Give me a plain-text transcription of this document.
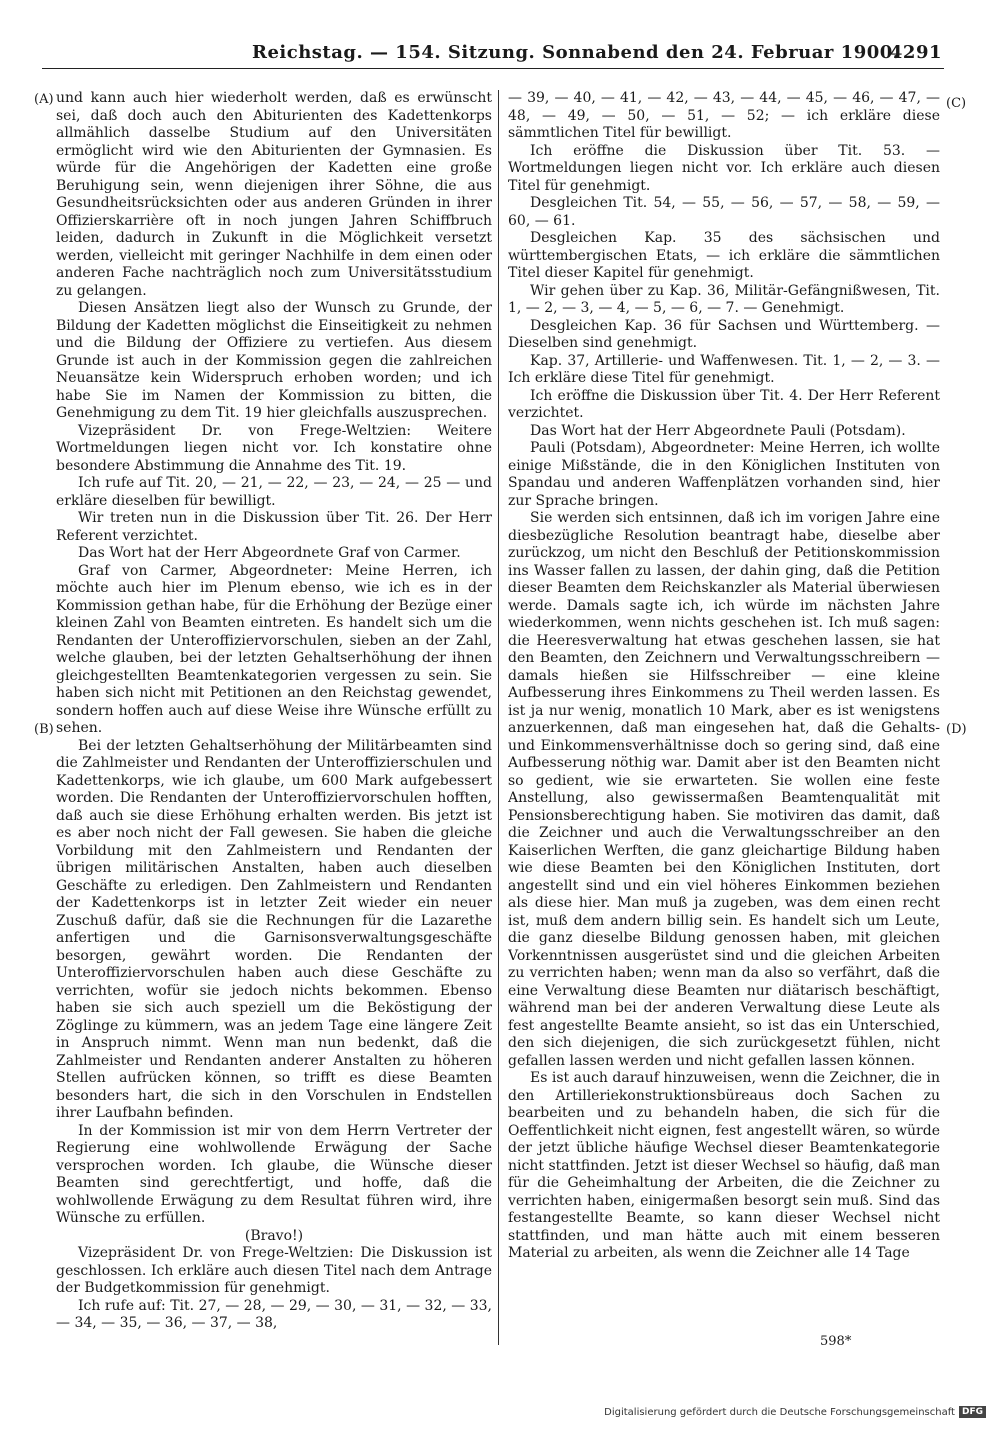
Reichstag. — 154. Sitzung. Sonnabend den 24. Februar 1900.
4291
(A)
(B)
(C)
(D)

und kann auch hier wiederholt werden, daß es erwünscht sei, daß doch auch den Abiturienten des Kadettenkorps allmählich dasselbe Studium auf den Universitäten ermöglicht wird wie den Abiturienten der Gymnasien. Es würde für die Angehörigen der Kadetten eine große Beruhigung sein, wenn diejenigen ihrer Söhne, die aus Gesundheitsrücksichten oder aus anderen Gründen in ihrer Offizierskarrière oft in noch jungen Jahren Schiffbruch leiden, dadurch in Zukunft in die Möglichkeit versetzt werden, vielleicht mit geringer Nachhilfe in dem einen oder anderen Fache nachträglich noch zum Universitätsstudium zu gelangen.

Diesen Ansätzen liegt also der Wunsch zu Grunde, der Bildung der Kadetten möglichst die Einseitigkeit zu nehmen und die Bildung der Offiziere zu vertiefen. Aus diesem Grunde ist auch in der Kommission gegen die zahlreichen Neuansätze kein Widerspruch erhoben worden; und ich habe Sie im Namen der Kommission zu bitten, die Genehmigung zu dem Tit. 19 hier gleichfalls auszusprechen.

Vizepräsident Dr. von Frege-Weltzien: Weitere Wortmeldungen liegen nicht vor. Ich konstatire ohne besondere Abstimmung die Annahme des Tit. 19.

Ich rufe auf Tit. 20, — 21, — 22, — 23, — 24, — 25 — und erkläre dieselben für bewilligt.

Wir treten nun in die Diskussion über Tit. 26. Der Herr Referent verzichtet.

Das Wort hat der Herr Abgeordnete Graf von Carmer.

Graf von Carmer, Abgeordneter: Meine Herren, ich möchte auch hier im Plenum ebenso, wie ich es in der Kommission gethan habe, für die Erhöhung der Bezüge einer kleinen Zahl von Beamten eintreten. Es handelt sich um die Rendanten der Unteroffiziervorschulen, sieben an der Zahl, welche glauben, bei der letzten Gehaltserhöhung der ihnen gleichgestellten Beamtenkategorien vergessen zu sein. Sie haben sich nicht mit Petitionen an den Reichstag gewendet, sondern hoffen auch auf diese Weise ihre Wünsche erfüllt zu sehen.

Bei der letzten Gehaltserhöhung der Militärbeamten sind die Zahlmeister und Rendanten der Unteroffizierschulen und Kadettenkorps, wie ich glaube, um 600 Mark aufgebessert worden. Die Rendanten der Unteroffiziervorschulen hofften, daß auch sie diese Erhöhung erhalten werden. Bis jetzt ist es aber noch nicht der Fall gewesen. Sie haben die gleiche Vorbildung mit den Zahlmeistern und Rendanten der übrigen militärischen Anstalten, haben auch dieselben Geschäfte zu erledigen. Den Zahlmeistern und Rendanten der Kadettenkorps ist in letzter Zeit wieder ein neuer Zuschuß dafür, daß sie die Rechnungen für die Lazarethe anfertigen und die Garnisonsverwaltungsgeschäfte besorgen, gewährt worden. Die Rendanten der Unteroffiziervorschulen haben auch diese Geschäfte zu verrichten, wofür sie jedoch nichts bekommen. Ebenso haben sie sich auch speziell um die Beköstigung der Zöglinge zu kümmern, was an jedem Tage eine längere Zeit in Anspruch nimmt. Wenn man nun bedenkt, daß die Zahlmeister und Rendanten anderer Anstalten zu höheren Stellen aufrücken können, so trifft es diese Beamten besonders hart, die sich in den Vorschulen in Endstellen ihrer Laufbahn befinden.

In der Kommission ist mir von dem Herrn Vertreter der Regierung eine wohlwollende Erwägung der Sache versprochen worden. Ich glaube, die Wünsche dieser Beamten sind gerechtfertigt, und hoffe, daß die wohlwollende Erwägung zu dem Resultat führen wird, ihre Wünsche zu erfüllen.

(Bravo!)

Vizepräsident Dr. von Frege-Weltzien: Die Diskussion ist geschlossen. Ich erkläre auch diesen Titel nach dem Antrage der Budgetkommission für genehmigt.

Ich rufe auf: Tit. 27, — 28, — 29, — 30, — 31, — 32, — 33, — 34, — 35, — 36, — 37, — 38,

— 39, — 40, — 41, — 42, — 43, — 44, — 45, — 46, — 47, — 48, — 49, — 50, — 51, — 52; — ich erkläre diese sämmtlichen Titel für bewilligt.

Ich eröffne die Diskussion über Tit. 53. — Wortmeldungen liegen nicht vor. Ich erkläre auch diesen Titel für genehmigt.

Desgleichen Tit. 54, — 55, — 56, — 57, — 58, — 59, — 60, — 61.

Desgleichen Kap. 35 des sächsischen und württembergischen Etats, — ich erkläre die sämmtlichen Titel dieser Kapitel für genehmigt.

Wir gehen über zu Kap. 36, Militär-Gefängnißwesen, Tit. 1, — 2, — 3, — 4, — 5, — 6, — 7. — Genehmigt.

Desgleichen Kap. 36 für Sachsen und Württemberg. — Dieselben sind genehmigt.

Kap. 37, Artillerie- und Waffenwesen. Tit. 1, — 2, — 3. — Ich erkläre diese Titel für genehmigt.

Ich eröffne die Diskussion über Tit. 4. Der Herr Referent verzichtet.

Das Wort hat der Herr Abgeordnete Pauli (Potsdam).

Pauli (Potsdam), Abgeordneter: Meine Herren, ich wollte einige Mißstände, die in den Königlichen Instituten von Spandau und anderen Waffenplätzen vorhanden sind, hier zur Sprache bringen.

Sie werden sich entsinnen, daß ich im vorigen Jahre eine diesbezügliche Resolution beantragt habe, dieselbe aber zurückzog, um nicht den Beschluß der Petitionskommission ins Wasser fallen zu lassen, der dahin ging, daß die Petition dieser Beamten dem Reichskanzler als Material überwiesen werde. Damals sagte ich, ich würde im nächsten Jahre wiederkommen, wenn nichts geschehen ist. Ich muß sagen: die Heeresverwaltung hat etwas geschehen lassen, sie hat den Beamten, den Zeichnern und Verwaltungsschreibern — damals hießen sie Hilfsschreiber — eine kleine Aufbesserung ihres Einkommens zu Theil werden lassen. Es ist ja nur wenig, monatlich 10 Mark, aber es ist wenigstens anzuerkennen, daß man eingesehen hat, daß die Gehalts- und Einkommensverhältnisse doch so gering sind, daß eine Aufbesserung nöthig war. Damit aber ist den Beamten nicht so gedient, wie sie erwarteten. Sie wollen eine feste Anstellung, also gewissermaßen Beamtenqualität mit Pensionsberechtigung haben. Sie motiviren das damit, daß die Zeichner und auch die Verwaltungsschreiber an den Kaiserlichen Werften, die ganz gleichartige Bildung haben wie diese Beamten bei den Königlichen Instituten, dort angestellt sind und ein viel höheres Einkommen beziehen als diese hier. Man muß ja zugeben, was dem einen recht ist, muß dem andern billig sein. Es handelt sich um Leute, die ganz dieselbe Bildung genossen haben, mit gleichen Vorkenntnissen ausgerüstet sind und die gleichen Arbeiten zu verrichten haben; wenn man da also so verfährt, daß die eine Verwaltung diese Beamten nur diätarisch beschäftigt, während man bei der anderen Verwaltung diese Leute als fest angestellte Beamte ansieht, so ist das ein Unterschied, den sich diejenigen, die sich zurückgesetzt fühlen, nicht gefallen lassen werden und nicht gefallen lassen können.

Es ist auch darauf hinzuweisen, wenn die Zeichner, die in den Artilleriekonstruktionsbüreaus doch Sachen zu bearbeiten und zu behandeln haben, die sich für die Oeffentlichkeit nicht eignen, fest angestellt wären, so würde der jetzt übliche häufige Wechsel dieser Beamtenkategorie nicht stattfinden. Jetzt ist dieser Wechsel so häufig, daß man für die Geheimhaltung der Arbeiten, die die Zeichner zu verrichten haben, einigermaßen besorgt sein muß. Sind das festangestellte Beamte, so kann dieser Wechsel nicht stattfinden, und man hätte auch mit einem besseren Material zu arbeiten, als wenn die Zeichner alle 14 Tage

598*
Digitalisierung gefördert durch die Deutsche Forschungsgemeinschaft DFG
